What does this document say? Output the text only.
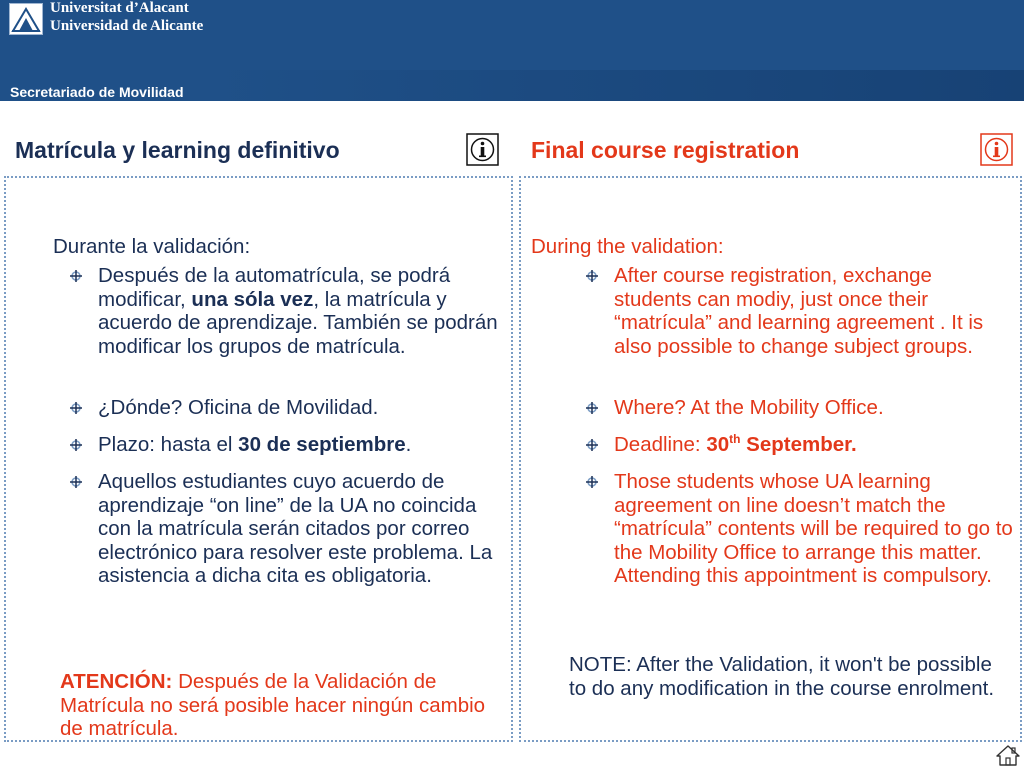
Universitat d’Alacant
Universidad de Alicante
Secretariado de Movilidad
Matrícula y learning definitivo	Final course registration
Durante la validación:
Después de la automatrícula, se podrá modificar, una sóla vez, la matrícula y acuerdo de aprendizaje. También se podrán modificar los grupos de matrícula.
¿Dónde? Oficina de Movilidad.
Plazo: hasta el 30 de septiembre.
Aquellos estudiantes cuyo acuerdo de aprendizaje “on line” de la UA no coincida con la matrícula serán citados por correo electrónico para resolver este problema. La asistencia a dicha cita es obligatoria.
ATENCIÓN: Después de la Validación de Matrícula no será posible hacer ningún cambio de matrícula.
During the validation:
After course registration, exchange students can modiy, just once their “matrícula” and learning agreement . It is also possible to change subject groups.
Where? At the Mobility Office.
Deadline: 30th September.
Those students whose UA learning agreement on line doesn’t match the “matrícula” contents will be required to go to the Mobility Office to arrange this matter. Attending this appointment is compulsory.
NOTE: After the Validation, it won't be possible to do any modification in the course enrolment.
